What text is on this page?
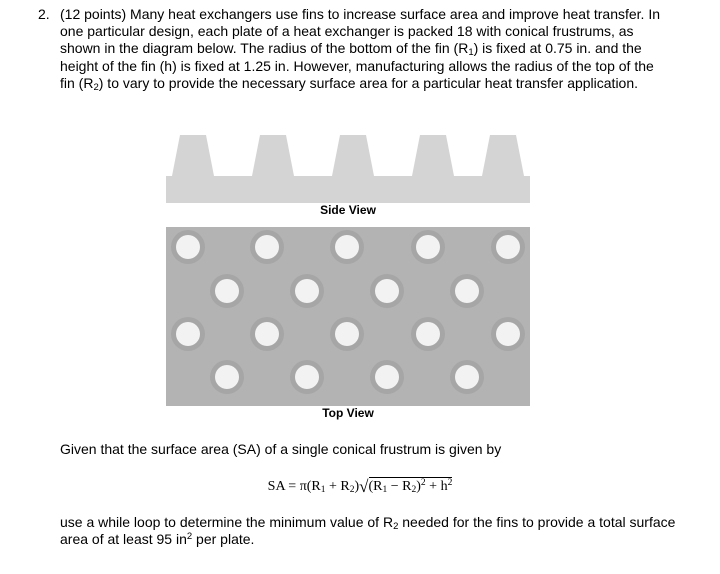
2. (12 points) Many heat exchangers use fins to increase surface area and improve heat transfer. In one particular design, each plate of a heat exchanger is packed 18 with conical frustrums, as shown in the diagram below. The radius of the bottom of the fin $(R_1)$ is fixed at 0.75 in. and the height of the fin (h) is fixed at 1.25 in. However, manufacturing allows the radius of the top of the fin $(R_2)$ to vary to provide the necessary surface area for a particular heat transfer application.
Side View
Top View
Given that the surface area (SA) of a single conical frustrum is given by
SA = $\pi(R_1 + R_2)√(R_1 - R_2)^2 + h^2$
use a while loop to determine the minimum value of $R_2$ needed for the fins to provide a total surface area of at least 95 $in^2$ per plate.
